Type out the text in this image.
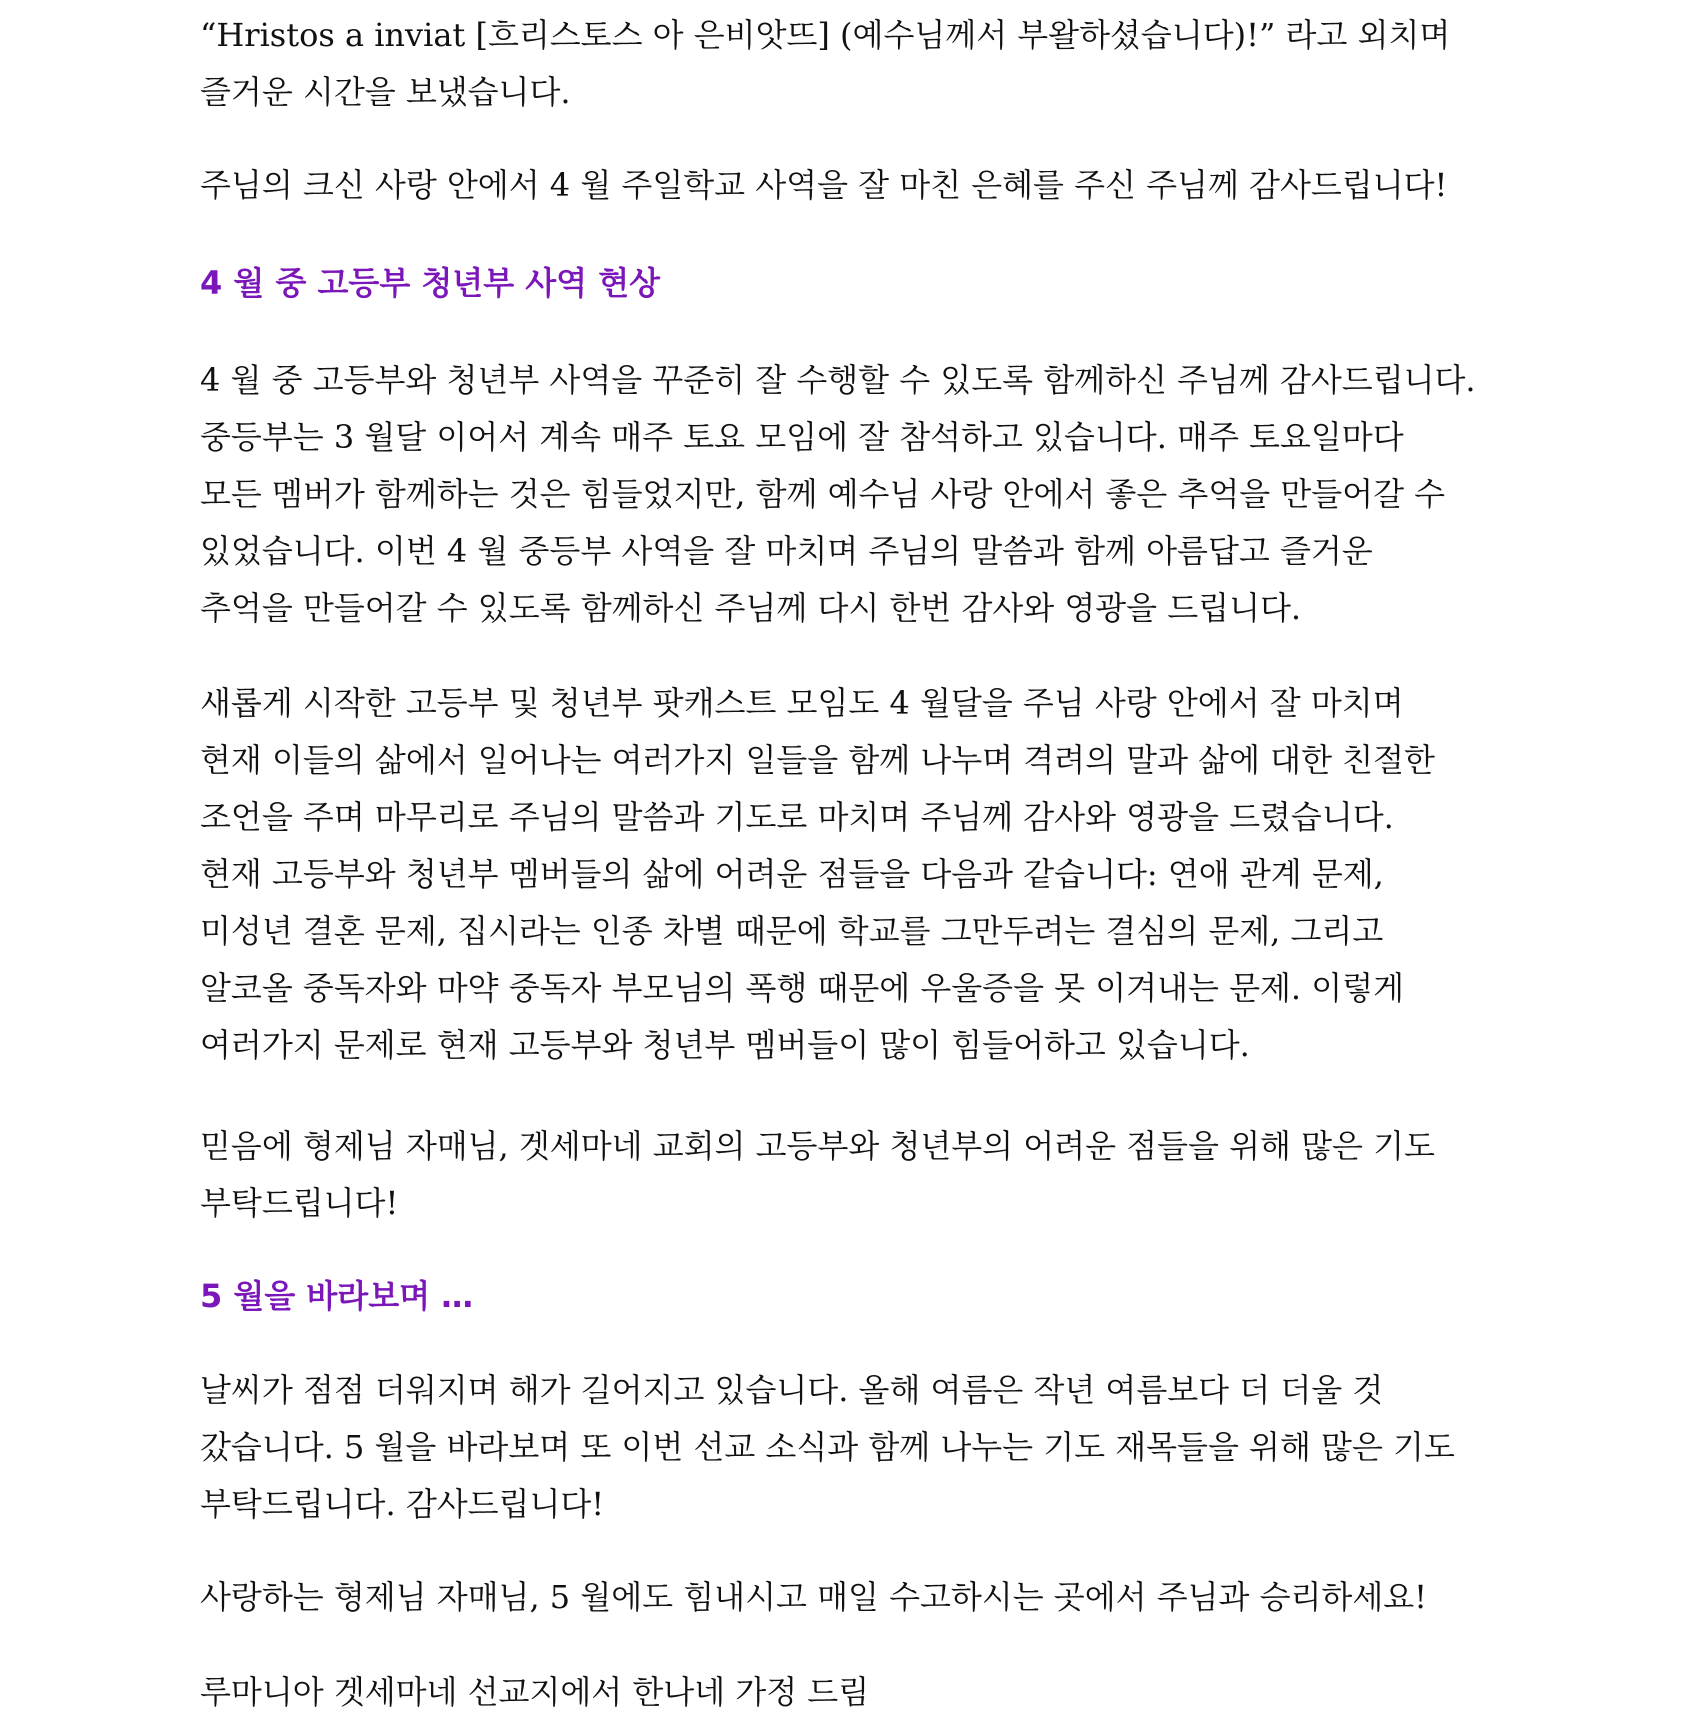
“Hristos a inviat [흐리스토스 아 은비앗뜨] (예수님께서 부왈하셨습니다)!” 라고 외치며
즐거운 시간을 보냈습니다.

주님의 크신 사랑 안에서 4 월 주일학교 사역을 잘 마친 은혜를 주신 주님께 감사드립니다!

4 월 중 고등부 청년부 사역 현상

4 월 중 고등부와 청년부 사역을 꾸준히 잘 수행할 수 있도록 함께하신 주님께 감사드립니다.
중등부는 3 월달 이어서 계속 매주 토요 모임에 잘 참석하고 있습니다. 매주 토요일마다
모든 멤버가 함께하는 것은 힘들었지만, 함께 예수님 사랑 안에서 좋은 추억을 만들어갈 수
있었습니다. 이번 4 월 중등부 사역을 잘 마치며 주님의 말씀과 함께 아름답고 즐거운
추억을 만들어갈 수 있도록 함께하신 주님께 다시 한번 감사와 영광을 드립니다.

새롭게 시작한 고등부 및 청년부 팟캐스트 모임도 4 월달을 주님 사랑 안에서 잘 마치며
현재 이들의 삶에서 일어나는 여러가지 일들을 함께 나누며 격려의 말과 삶에 대한 친절한
조언을 주며 마무리로 주님의 말씀과 기도로 마치며 주님께 감사와 영광을 드렸습니다.
현재 고등부와 청년부 멤버들의 삶에 어려운 점들을 다음과 같습니다: 연애 관계 문제,
미성년 결혼 문제, 집시라는 인종 차별 때문에 학교를 그만두려는 결심의 문제, 그리고
알코올 중독자와 마약 중독자 부모님의 폭행 때문에 우울증을 못 이겨내는 문제. 이렇게
여러가지 문제로 현재 고등부와 청년부 멤버들이 많이 힘들어하고 있습니다.

믿음에 형제님 자매님, 겟세마네 교회의 고등부와 청년부의 어려운 점들을 위해 많은 기도
부탁드립니다!

5 월을 바라보며 …

날씨가 점점 더워지며 해가 길어지고 있습니다. 올해 여름은 작년 여름보다 더 더울 것
갔습니다. 5 월을 바라보며 또 이번 선교 소식과 함께 나누는 기도 재목들을 위해 많은 기도
부탁드립니다. 감사드립니다!

사랑하는 형제님 자매님, 5 월에도 힘내시고 매일 수고하시는 곳에서 주님과 승리하세요!

루마니아 겟세마네 선교지에서 한나네 가정 드림
